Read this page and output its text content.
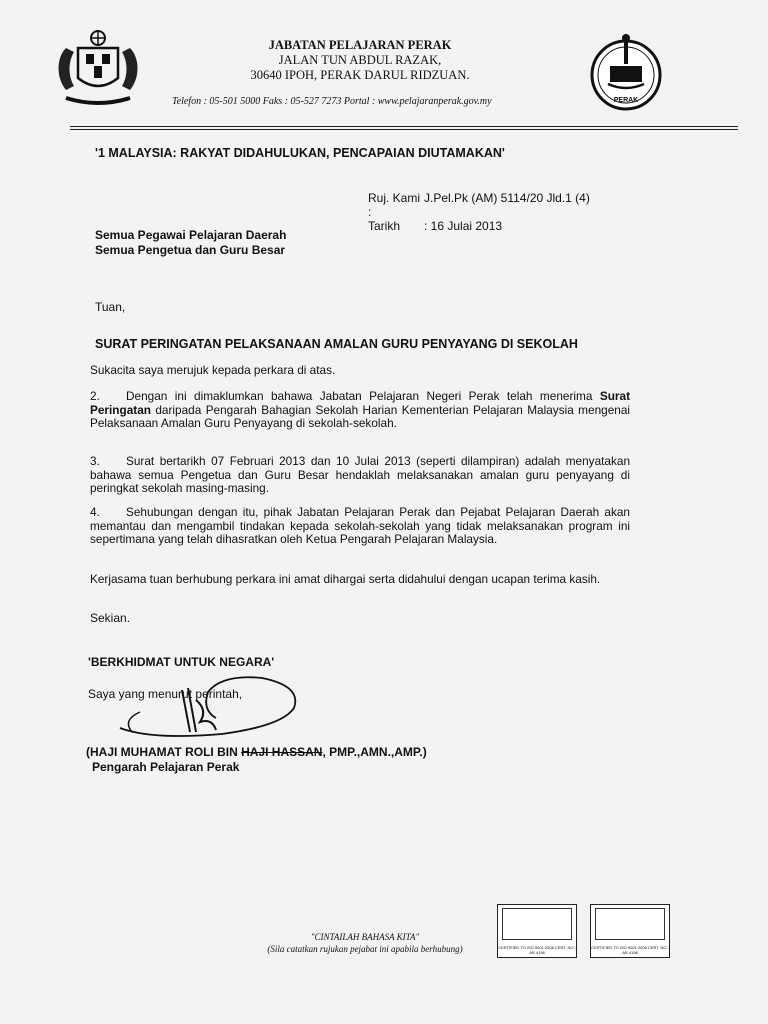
PERAK
JABATAN PELAJARAN PERAK
JALAN TUN ABDUL RAZAK,
30640 IPOH, PERAK DARUL RIDZUAN.
Telefon : 05-501 5000 Faks : 05-527 7273 Portal : www.pelajaranperak.gov.my
'1 MALAYSIA: RAKYAT DIDAHULUKAN, PENCAPAIAN DIUTAMAKAN'
Ruj. Kami :
J.Pel.Pk (AM) 5114/20 Jld.1 (4)
Tarikh	: 16 Julai 2013
Semua Pegawai Pelajaran Daerah
Semua Pengetua dan Guru Besar
Tuan,
SURAT PERINGATAN PELAKSANAAN AMALAN GURU PENYAYANG DI SEKOLAH
Sukacita saya merujuk kepada perkara di atas.
2. Dengan ini dimaklumkan bahawa Jabatan Pelajaran Negeri Perak telah menerima Surat Peringatan daripada Pengarah Bahagian Sekolah Harian Kementerian Pelajaran Malaysia mengenai Pelaksanaan Amalan Guru Penyayang di sekolah-sekolah.
3. Surat bertarikh 07 Februari 2013 dan 10 Julai 2013 (seperti dilampiran) adalah menyatakan bahawa semua Pengetua dan Guru Besar hendaklah melaksanakan amalan guru penyayang di peringkat sekolah masing-masing.
4. Sehubungan dengan itu, pihak Jabatan Pelajaran Perak dan Pejabat Pelajaran Daerah akan memantau dan mengambil tindakan kepada sekolah-sekolah yang tidak melaksanakan program ini sepertimana yang telah dihasratkan oleh Ketua Pengarah Pelajaran Malaysia.
Kerjasama tuan berhubung perkara ini amat dihargai serta didahului dengan ucapan terima kasih.
Sekian.
'BERKHIDMAT UNTUK NEGARA'
Saya yang menurut perintah,
(HAJI MUHAMAT ROLI BIN HAJI HASSAN, PMP.,AMN.,AMP.)
Pengarah Pelajaran Perak
"CINTAILAH BAHASA KITA"
(Sila catatkan rujukan pejabat ini apabila berhubung)	CERTIFIED TO ISO 9001:2008 CERT. NO.: AR 4198
CERTIFIED TO ISO 9001:2008 CERT. NO.: AR 4198
